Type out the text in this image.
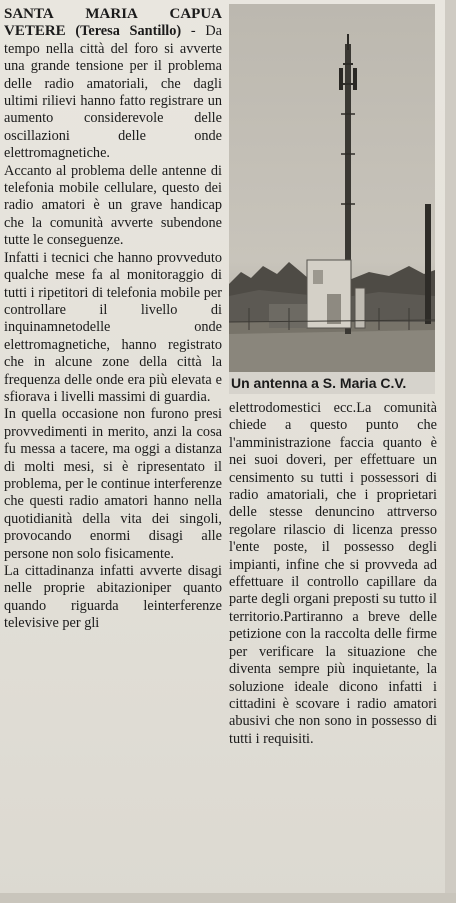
SANTA MARIA CAPUA VETERE (Teresa Santillo) - Da tempo nella città del foro si avverte una grande tensione per il problema delle radio amatoriali, che dagli ultimi rilievi hanno fatto registrare un aumento considerevole delle oscillazioni delle onde elettromagnetiche.

Accanto al problema delle antenne di telefonia mobile cellulare, questo dei radio amatori è un grave handicap che la comunità avverte subendone tutte le conseguenze.

Infatti i tecnici che hanno provveduto qualche mese fa al monitoraggio di tutti i ripetitori di telefonia mobile per controllare il livello di inquinamnetodelle onde elettromagnetiche, hanno registrato che in alcune zone della città la frequenza delle onde era più elevata e sfiorava i livelli massimi di guardia.

In quella occasione non furono presi provvedimenti in merito, anzi la cosa fu messa a tacere, ma oggi a distanza di molti mesi, si è ripresentato il problema, per le continue interferenze che questi radio amatori hanno nella quotidianità della vita dei singoli, provocando enormi disagi alle persone non solo fisicamente.

La cittadinanza infatti avverte disagi nelle proprie abitazioniper quanto quando riguarda leinterferenze televisive per gli

Un antenna a S. Maria C.V.

elettrodomestici ecc.La comunità chiede a questo punto che l'amministrazione faccia quanto è nei suoi doveri, per effettuare un censimento su tutti i possessori di radio amatoriali, che i proprietari delle stesse denuncino attrverso regolare rilascio di licenza presso l'ente poste, il possesso degli impianti, infine che si provveda ad effettuare il controllo capillare da parte degli organi preposti su tutto il territorio.Partiranno a breve delle petizione con la raccolta delle firme per verificare la situazione che diventa sempre più inquietante, la soluzione ideale dicono infatti i cittadini è scovare i radio amatori abusivi che non sono in possesso di tutti i requisiti.
